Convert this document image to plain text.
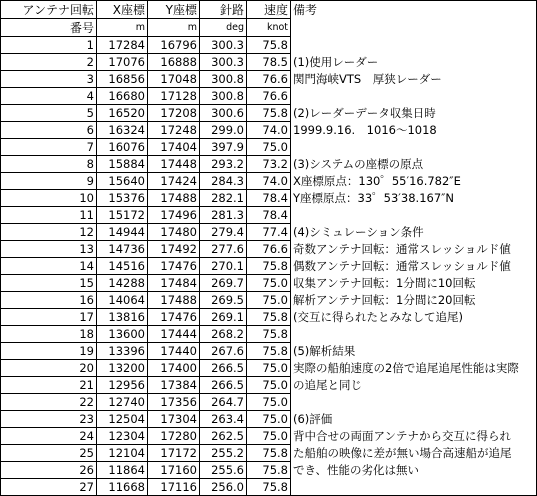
アンテナ回転	X座標	Y座標	針路	速度	備考
番号	m	m	deg	knot	
1	17284	16796	300.3	75.8	
2	17076	16888	300.3	78.5	(1)使用レーダー
3	16856	17048	300.8	76.6	関門海峡VTS　厚狭レーダー
4	16680	17128	300.8	76.6	
5	16520	17208	300.6	75.8	(2)レーダーデータ収集日時
6	16324	17248	299.0	74.0	1999.9.16.　1016～1018
7	16076	17404	397.9	75.0	
8	15884	17448	293.2	73.2	(3)システムの座標の原点
9	15640	17424	284.3	74.0	X座標原点：130゜55′16.782″E
10	15376	17488	282.1	78.4	Y座標原点：33゜53′38.167″N
11	15172	17496	281.3	78.4	
12	14944	17480	279.4	77.4	(4)シミュレーション条件
13	14736	17492	277.6	76.6	奇数アンテナ回転：通常スレッショルド値
14	14516	17476	270.1	75.8	偶数アンテナ回転：通常スレッショルド値
15	14288	17484	269.7	75.0	収集アンテナ回転：1分間に10回転
16	14064	17488	269.5	75.0	解析アンテナ回転：1分間に20回転
17	13816	17476	269.1	75.8	(交互に得られたとみなして追尾)
18	13600	17444	268.2	75.8	
19	13396	17440	267.6	75.8	(5)解析結果
20	13200	17400	266.5	75.0	実際の船舶速度の2倍で追尾追尾性能は実際
21	12956	17384	266.5	75.0	の追尾と同じ
22	12740	17356	264.7	75.0	
23	12504	17304	263.4	75.0	(6)評価
24	12304	17280	262.5	75.0	背中合せの両面アンテナから交互に得られ
25	12104	17172	255.2	75.8	た船舶の映像に差が無い場合高速船が追尾
26	11864	17160	255.6	75.8	でき、性能の劣化は無い
27	11668	17116	256.0	75.8	
